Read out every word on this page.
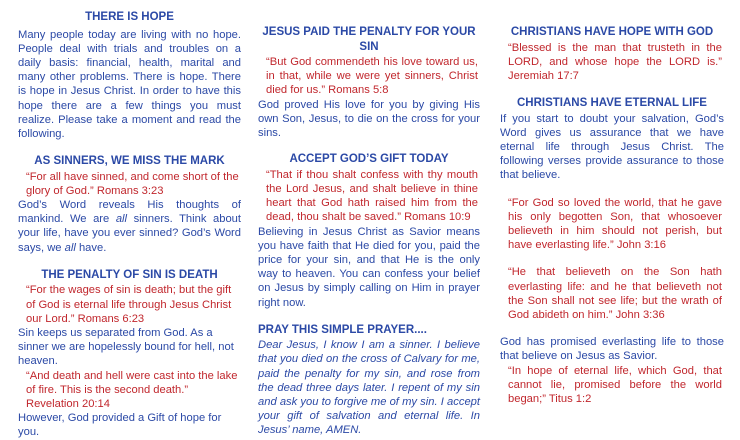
THERE IS HOPE
Many people today are living with no hope. People deal with trials and troubles on a daily basis: financial, health, marital and many other problems. There is hope. There is hope in Jesus Christ. In order to have this hope there are a few things you must realize. Please take a moment and read the following.
AS SINNERS, WE MISS THE MARK
“For all have sinned, and come short of the glory of God.” Romans 3:23
God’s Word reveals His thoughts of mankind. We are all sinners. Think about your life, have you ever sinned? God’s Word says, we all have.
THE PENALTY OF SIN IS DEATH
“For the wages of sin is death; but the gift of God is eternal life through Jesus Christ our Lord.” Romans 6:23
Sin keeps us separated from God. As a sinner we are hopelessly bound for hell, not heaven.
“And death and hell were cast into the lake of fire. This is the second death.” Revelation 20:14
However, God provided a Gift of hope for you.
JESUS PAID THE PENALTY FOR YOUR SIN
“But God commendeth his love toward us, in that, while we were yet sinners, Christ died for us.” Romans 5:8
God proved His love for you by giving His own Son, Jesus, to die on the cross for your sins.
ACCEPT GOD’S GIFT TODAY
“That if thou shalt confess with thy mouth the Lord Jesus, and shalt believe in thine heart that God hath raised him from the dead, thou shalt be saved.” Romans 10:9
Believing in Jesus Christ as Savior means you have faith that He died for you, paid the price for your sin, and that He is the only way to heaven. You can confess your belief on Jesus by simply calling on Him in prayer right now.
PRAY THIS SIMPLE PRAYER....
Dear Jesus, I know I am a sinner. I believe that you died on the cross of Calvary for me, paid the penalty for my sin, and rose from the dead three days later. I repent of my sin and ask you to forgive me of my sin. I accept your gift of salvation and eternal life. In Jesus’ name, AMEN.
CHRISTIANS HAVE HOPE WITH GOD
“Blessed is the man that trusteth in the LORD, and whose hope the LORD is.” Jeremiah 17:7
CHRISTIANS HAVE ETERNAL LIFE
If you start to doubt your salvation, God’s Word gives us assurance that we have eternal life through Jesus Christ. The following verses provide assurance to those that believe.
“For God so loved the world, that he gave his only begotten Son, that whosoever believeth in him should not perish, but have everlasting life.” John 3:16
“He that believeth on the Son hath everlasting life: and he that believeth not the Son shall not see life; but the wrath of God abideth on him.” John 3:36
God has promised everlasting life to those that believe on Jesus as Savior.
“In hope of eternal life, which God, that cannot lie, promised before the world began;” Titus 1:2
